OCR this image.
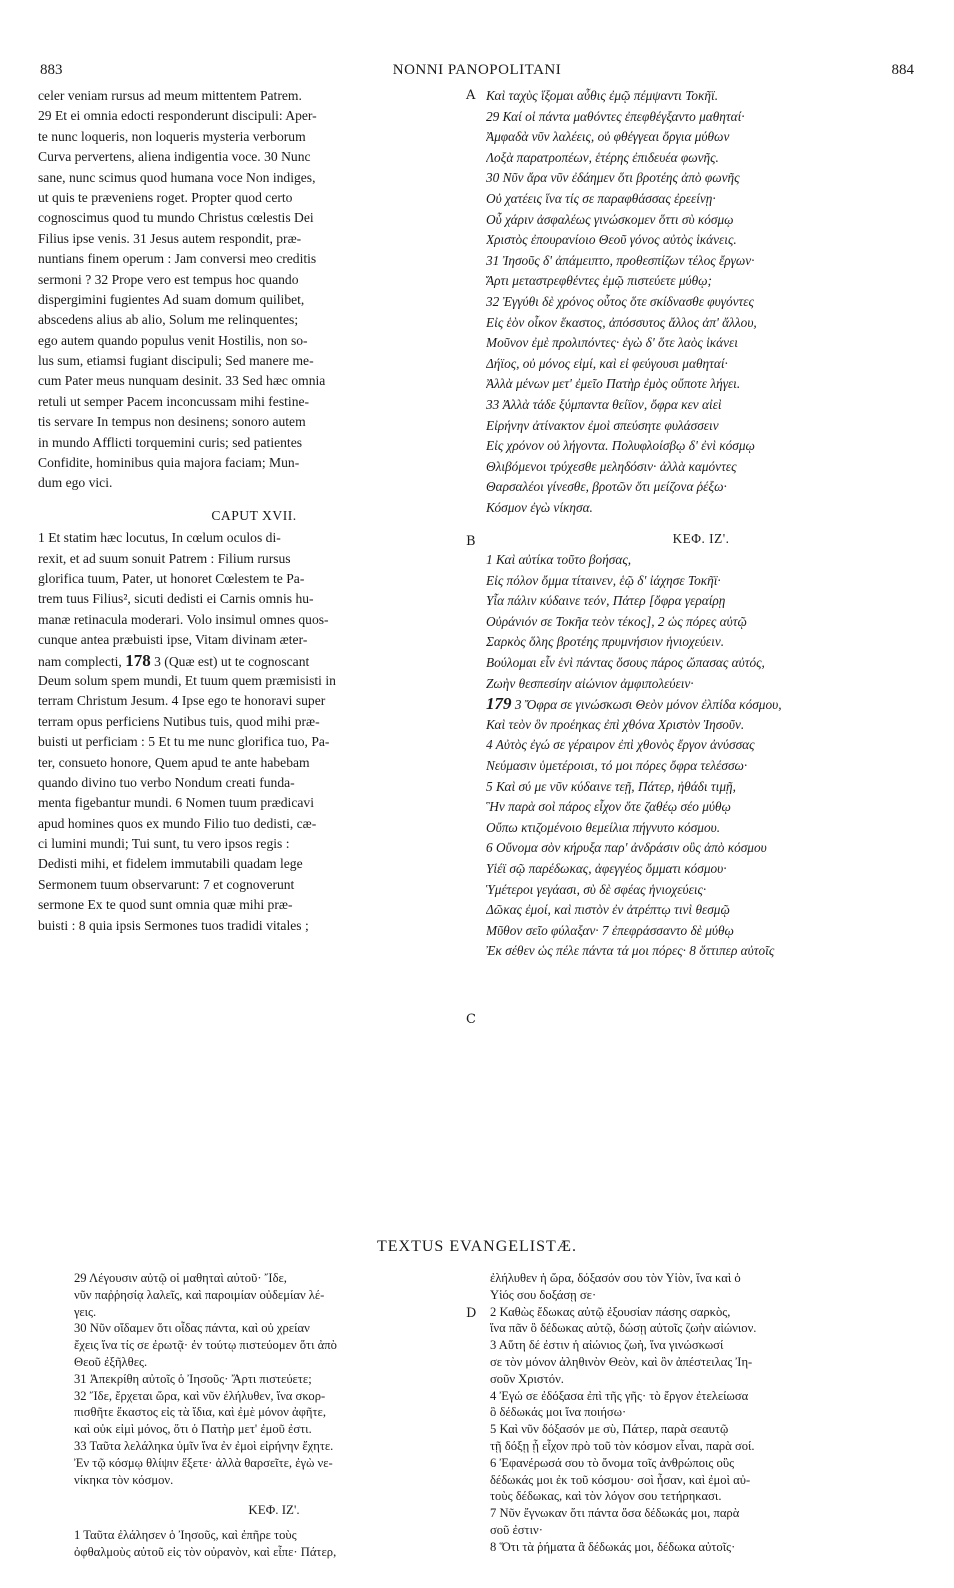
883	NONNI PANOPOLITANI	884
A
B
C
D
celer veniam rursus ad meum mittentem Patrem.
29 Et ei omnia edocti responderunt discipuli: Aper-
te nunc loqueris, non loqueris mysteria verborum
Curva pervertens, aliena indigentia voce. 30 Nunc
sane, nunc scimus quod humana voce Non indiges,
ut quis te præveniens roget. Propter quod certo
cognoscimus quod tu mundo Christus cœlestis Dei
Filius ipse venis. 31 Jesus autem respondit, præ-
nuntians finem operum : Jam conversi meo creditis
sermoni ? 32 Prope vero est tempus hoc quando
dispergimini fugientes Ad suam domum quilibet,
abscedens alius ab alio, Solum me relinquentes;
ego autem quando populus venit Hostilis, non so-
lus sum, etiamsi fugiant discipuli; Sed manere me-
cum Pater meus nunquam desinit. 33 Sed hæc omnia
retuli ut semper Pacem inconcussam mihi festine-
tis servare In tempus non desinens; sonoro autem
in mundo Afflicti torquemini curis; sed patientes
Confidite, hominibus quia majora faciam; Mun-
dum ego vici.
CAPUT XVII.
1 Et statim hæc locutus, In cœlum oculos di-
rexit, et ad suum sonuit Patrem : Filium rursus
glorifica tuum, Pater, ut honoret Cœlestem te Pa-
trem tuus Filius², sicuti dedisti ei Carnis omnis hu-
manæ retinacula moderari. Volo insimul omnes quos-
cunque antea præbuisti ipse, Vitam divinam æter-
nam complecti, 178 3 (Quæ est) ut te cognoscant
Deum solum spem mundi, Et tuum quem præmisisti in
terram Christum Jesum. 4 Ipse ego te honoravi super
terram opus perficiens Nutibus tuis, quod mihi præ-
buisti ut perficiam : 5 Et tu me nunc glorifica tuo, Pa-
ter, consueto honore, Quem apud te ante habebam
quando divino tuo verbo Nondum creati funda-
menta figebantur mundi. 6 Nomen tuum prædicavi
apud homines quos ex mundo Filio tuo dedisti, cæ-
ci lumini mundi; Tui sunt, tu vero ipsos regis :
Dedisti mihi, et fidelem immutabili quadam lege
Sermonem tuum observarunt: 7 et cognoverunt
sermone Ex te quod sunt omnia quæ mihi præ-
buisti : 8 quia ipsis Sermones tuos tradidi vitales ;
Καὶ ταχὺς ἵξομαι αὖθις ἐμῷ πέμψαντι Τοκῆϊ.
29 Καί οἱ πάντα μαθόντες ἐπεφθέγξαντο μαθηταί·
Ἀμφαδὰ νῦν λαλέεις, οὐ φθέγγεαι ὄργια μύθων
Λοξὰ παρατροπέων, ἑτέρης ἐπιδευέα φωνῆς.
30 Νῦν ἄρα νῦν ἐδάημεν ὅτι βροτέης ἀπὸ φωνῆς
Οὐ χατέεις ἵνα τίς σε παραφθάσσας ἐρεείνῃ·
Οὗ χάριν ἀσφαλέως γινώσκομεν ὅττι σὺ κόσμῳ
Χριστὸς ἐπουρανίοιο Θεοῦ γόνος αὐτὸς ἱκάνεις.
31 Ἰησοῦς δ' ἀπάμειπτο, προθεσπίζων τέλος ἔργων·
Ἄρτι μεταστρεφθέντες ἐμῷ πιστεύετε μύθῳ;
32 Ἐγγύθι δὲ χρόνος οὗτος ὅτε σκίδνασθε φυγόντες
Εἰς ἑὸν οἶκον ἕκαστος, ἀπόσσυτος ἄλλος ἀπ' ἄλλου,
Μοῦνον ἐμὲ προλιπόντες· ἐγὼ δ' ὅτε λαὸς ἱκάνει
Δήϊος, οὐ μόνος εἰμί, καὶ εἰ φεύγουσι μαθηταί·
Ἀλλὰ μένων μετ' ἐμεῖο Πατὴρ ἐμὸς οὔποτε λήγει.
33 Ἀλλὰ τάδε ξύμπαντα θείϊον, ὄφρα κεν αἰεὶ
Εἰρήνην ἀτίνακτον ἐμοὶ σπεύσητε φυλάσσειν
Εἰς χρόνον οὐ λήγοντα. Πολυφλοίσβῳ δ' ἐνὶ κόσμῳ
Θλιβόμενοι τρύχεσθε μεληδόσιν· ἀλλὰ καμόντες
Θαρσαλέοι γίνεσθε, βροτῶν ὅτι μείζονα ῥέξω·
Κόσμον ἐγὼ νίκησα.
ΚΕΦ. ΙΖ'.
1 Καὶ αὐτίκα τοῦτο βοήσας,
Εἰς πόλον ὄμμα τίταινεν, ἑῷ δ' ἰάχησε Τοκῆϊ·
Υἷα πάλιν κύδαινε τεόν, Πάτερ [ὄφρα γεραίρῃ
Οὐράνιόν σε Τοκῆα τεὸν τέκος], 2 ὡς πόρες αὐτῷ
Σαρκὸς ὅλης βροτέης πρυμνήσιον ἡνιοχεύειν.
Βούλομαι εἶν ἑνὶ πάντας ὅσους πάρος ὤπασας αὐτός,
Ζωὴν θεσπεσίην αἰώνιον ἀμφιπολεύειν·
179 3 Ὄφρα σε γινώσκωσι Θεὸν μόνον ἐλπίδα κόσμου,
Καὶ τεὸν ὃν προέηκας ἐπὶ χθόνα Χριστὸν Ἰησοῦν.
4 Αὐτὸς ἐγώ σε γέραιρον ἐπὶ χθονὸς ἔργον ἀνύσσας
Νεύμασιν ὑμετέροισι, τό μοι πόρες ὄφρα τελέσσω·
5 Καὶ σύ με νῦν κύδαινε τεῇ, Πάτερ, ἠθάδι τιμῇ,
Ἣν παρὰ σοὶ πάρος εἶχον ὅτε ζαθέῳ σέο μύθῳ
Οὔπω κτιζομένοιο θεμείλια πήγνυτο κόσμου.
6 Οὔνομα σὸν κήρυξα παρ' ἀνδράσιν οὓς ἀπὸ κόσμου
Υἱέϊ σῷ παρέδωκας, ἀφεγγέος ὄμματι κόσμου·
Ὑμέτεροι γεγάασι, σὺ δὲ σφέας ἡνιοχεύεις·
Δῶκας ἐμοί, καὶ πιστὸν ἐν ἀτρέπτῳ τινὶ θεσμῷ
Μῦθον σεῖο φύλαξαν· 7 ἐπεφράσσαντο δὲ μύθῳ
Ἐκ σέθεν ὡς πέλε πάντα τά μοι πόρες· 8 ὅττιπερ αὐτοῖς
TEXTUS EVANGELISTÆ.
29 Λέγουσιν αὐτῷ οἱ μαθηταὶ αὐτοῦ· Ἴδε,
νῦν παῤῥησίᾳ λαλεῖς, καὶ παροιμίαν οὐδεμίαν λέ-
γεις.
30 Νῦν οἴδαμεν ὅτι οἶδας πάντα, καὶ οὐ χρείαν
ἔχεις ἵνα τίς σε ἐρωτᾷ· ἐν τούτῳ πιστεύομεν ὅτι ἀπὸ
Θεοῦ ἐξῆλθες.
31 Ἀπεκρίθη αὐτοῖς ὁ Ἰησοῦς· Ἄρτι πιστεύετε;
32 Ἴδε, ἔρχεται ὥρα, καὶ νῦν ἐλήλυθεν, ἵνα σκορ-
πισθῆτε ἕκαστος εἰς τὰ ἴδια, καὶ ἐμὲ μόνον ἀφῆτε,
καὶ οὐκ εἰμὶ μόνος, ὅτι ὁ Πατὴρ μετ' ἐμοῦ ἐστι.
33 Ταῦτα λελάληκα ὑμῖν ἵνα ἐν ἐμοὶ εἰρήνην ἔχητε.
Ἐν τῷ κόσμῳ θλίψιν ἕξετε· ἀλλὰ θαρσεῖτε, ἐγὼ νε-
νίκηκα τὸν κόσμον.
ΚΕΦ. ΙΖ'.
1 Ταῦτα ἐλάλησεν ὁ Ἰησοῦς, καὶ ἐπῆρε τοὺς
ὀφθαλμοὺς αὐτοῦ εἰς τὸν οὐρανὸν, καὶ εἶπε· Πάτερ,
ἐλήλυθεν ἡ ὥρα, δόξασόν σου τὸν Υἱὸν, ἵνα καὶ ὁ
Υἱός σου δοξάσῃ σε·
2 Καθὼς ἔδωκας αὐτῷ ἐξουσίαν πάσης σαρκὸς,
ἵνα πᾶν ὃ δέδωκας αὐτῷ, δώσῃ αὐτοῖς ζωὴν αἰώνιον.
3 Αὕτη δέ ἐστιν ἡ αἰώνιος ζωὴ, ἵνα γινώσκωσί
σε τὸν μόνον ἀληθινὸν Θεὸν, καὶ ὃν ἀπέστειλας Ἰη-
σοῦν Χριστόν.
4 Ἐγώ σε ἐδόξασα ἐπὶ τῆς γῆς· τὸ ἔργον ἐτελείωσα
ὃ δέδωκάς μοι ἵνα ποιήσω·
5 Καὶ νῦν δόξασόν με σὺ, Πάτερ, παρὰ σεαυτῷ
τῇ δόξῃ ᾗ εἶχον πρὸ τοῦ τὸν κόσμον εἶναι, παρὰ σοί.
6 Ἐφανέρωσά σου τὸ ὄνομα τοῖς ἀνθρώποις οὓς
δέδωκάς μοι ἐκ τοῦ κόσμου· σοὶ ἦσαν, καὶ ἐμοὶ αὐ-
τοὺς δέδωκας, καὶ τὸν λόγον σου τετήρηκασι.
7 Νῦν ἔγνωκαν ὅτι πάντα ὅσα δέδωκάς μοι, παρὰ
σοῦ ἐστιν·
8 Ὅτι τὰ ῥήματα ἃ δέδωκάς μοι, δέδωκα αὐτοῖς·
